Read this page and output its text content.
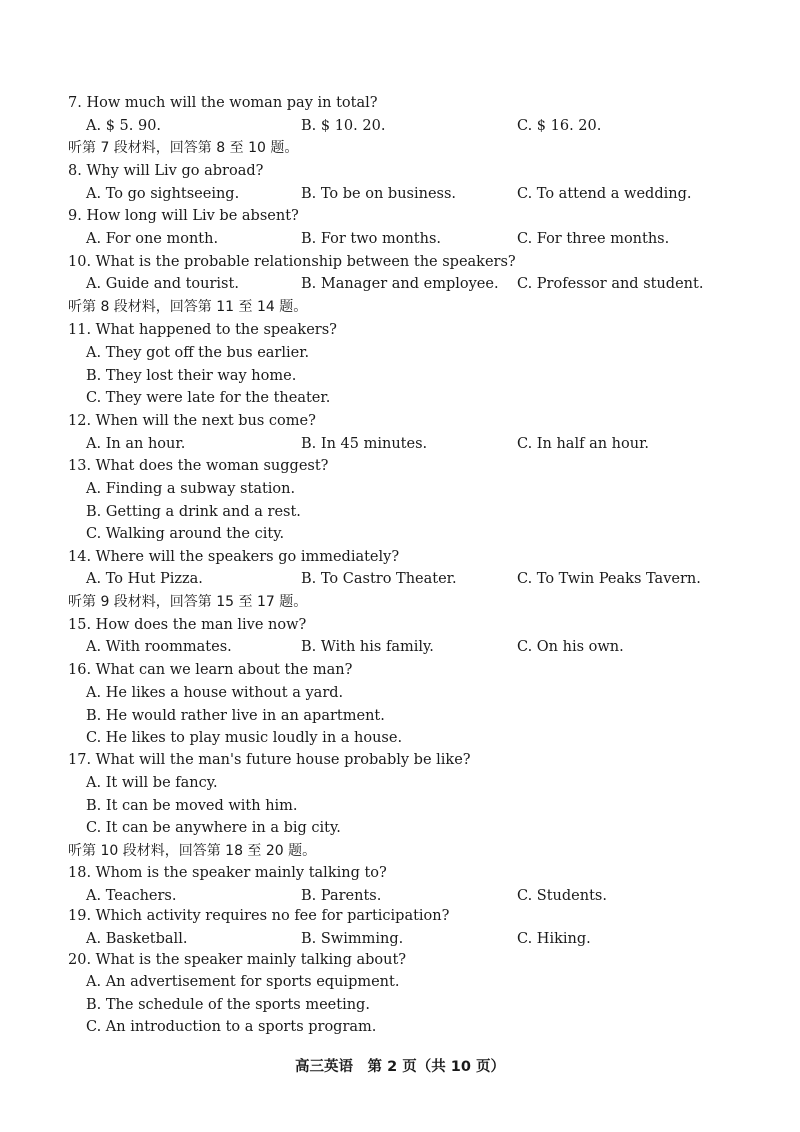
7. How much will the woman pay in total?
A. $ 5. 90.	B. $ 10. 20.	C. $ 16. 20.
听第 7 段材料，回答第 8 至 10 题。
8. Why will Liv go abroad?
A. To go sightseeing.	B. To be on business.	C. To attend a wedding.
9. How long will Liv be absent?
A. For one month.	B. For two months.	C. For three months.
10. What is the probable relationship between the speakers?
A. Guide and tourist.	B. Manager and employee. C. Professor and student.
听第 8 段材料，回答第 11 至 14 题。
11. What happened to the speakers?
A. They got off the bus earlier.
B. They lost their way home.
C. They were late for the theater.
12. When will the next bus come?
A. In an hour.	B. In 45 minutes.	C. In half an hour.
13. What does the woman suggest?
A. Finding a subway station.
B. Getting a drink and a rest.
C. Walking around the city.
14. Where will the speakers go immediately?
A. To Hut Pizza.	B. To Castro Theater.	C. To Twin Peaks Tavern.
听第 9 段材料，回答第 15 至 17 题。
15. How does the man live now?
A. With roommates.	B. With his family.	C. On his own.
16. What can we learn about the man?
A. He likes a house without a yard.
B. He would rather live in an apartment.
C. He likes to play music loudly in a house.
17. What will the man's future house probably be like?
A. It will be fancy.
B. It can be moved with him.
C. It can be anywhere in a big city.
听第 10 段材料，回答第 18 至 20 题。
18. Whom is the speaker mainly talking to?
A. Teachers.	B. Parents.	C. Students.
19. Which activity requires no fee for participation?
A. Basketball.	B. Swimming.	C. Hiking.
20. What is the speaker mainly talking about?
A. An advertisement for sports equipment.
B. The schedule of the sports meeting.
C. An introduction to a sports program.
高三英语　第 2 页（共 10 页）
